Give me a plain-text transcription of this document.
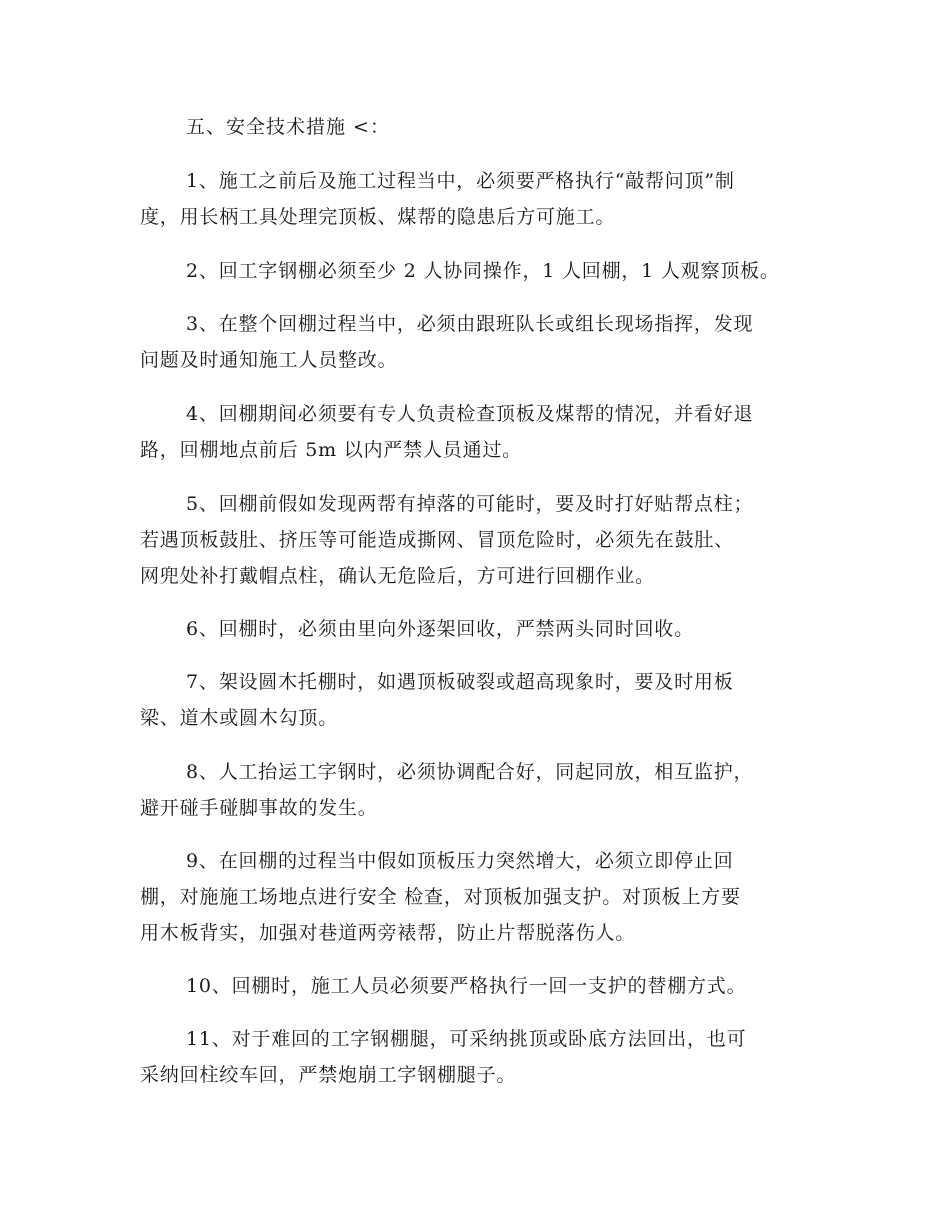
五、安全技术措施 <：
1、施工之前后及施工过程当中，必须要严格执行“敲帮问顶”制
度，用长柄工具处理完顶板、煤帮的隐患后方可施工。
2、回工字钢棚必须至少 2 人协同操作，1 人回棚，1 人观察顶板。
3、在整个回棚过程当中，必须由跟班队长或组长现场指挥，发现
问题及时通知施工人员整改。
4、回棚期间必须要有专人负责检查顶板及煤帮的情况，并看好退
路，回棚地点前后 5m 以内严禁人员通过。
5、回棚前假如发现两帮有掉落的可能时，要及时打好贴帮点柱；
若遇顶板鼓肚、挤压等可能造成撕网、冒顶危险时，必须先在鼓肚、
网兜处补打戴帽点柱，确认无危险后，方可进行回棚作业。
6、回棚时，必须由里向外逐架回收，严禁两头同时回收。
7、架设圆木托棚时，如遇顶板破裂或超高现象时，要及时用板
梁、道木或圆木勾顶。
8、人工抬运工字钢时，必须协调配合好，同起同放，相互监护，
避开碰手碰脚事故的发生。
9、在回棚的过程当中假如顶板压力突然增大，必须立即停止回
棚，对施施工场地点进行安全 检查，对顶板加强支护。对顶板上方要
用木板背实，加强对巷道两旁裱帮，防止片帮脱落伤人。
10、回棚时，施工人员必须要严格执行一回一支护的替棚方式。
11、对于难回的工字钢棚腿，可采纳挑顶或卧底方法回出，也可
采纳回柱绞车回，严禁炮崩工字钢棚腿子。
